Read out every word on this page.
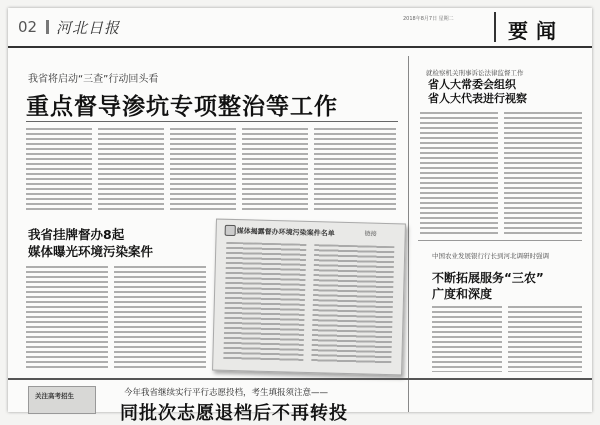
02 河北日报	2018年8月7日 星期二	要闻
我省将启动“三查”行动回头看
重点督导渗坑专项整治等工作
我省挂牌督办8起
媒体曝光环境污染案件
媒体揭露督办环境污染案件名单	链接
就检察机关刑事诉讼法律监督工作
省人大常委会组织
省人大代表进行视察
中国农业发展银行行长到河北调研时强调
不断拓展服务“三农”
广度和深度
关注高考招生	今年我省继续实行平行志愿投档，考生填报须注意——
同批次志愿退档后不再转投
